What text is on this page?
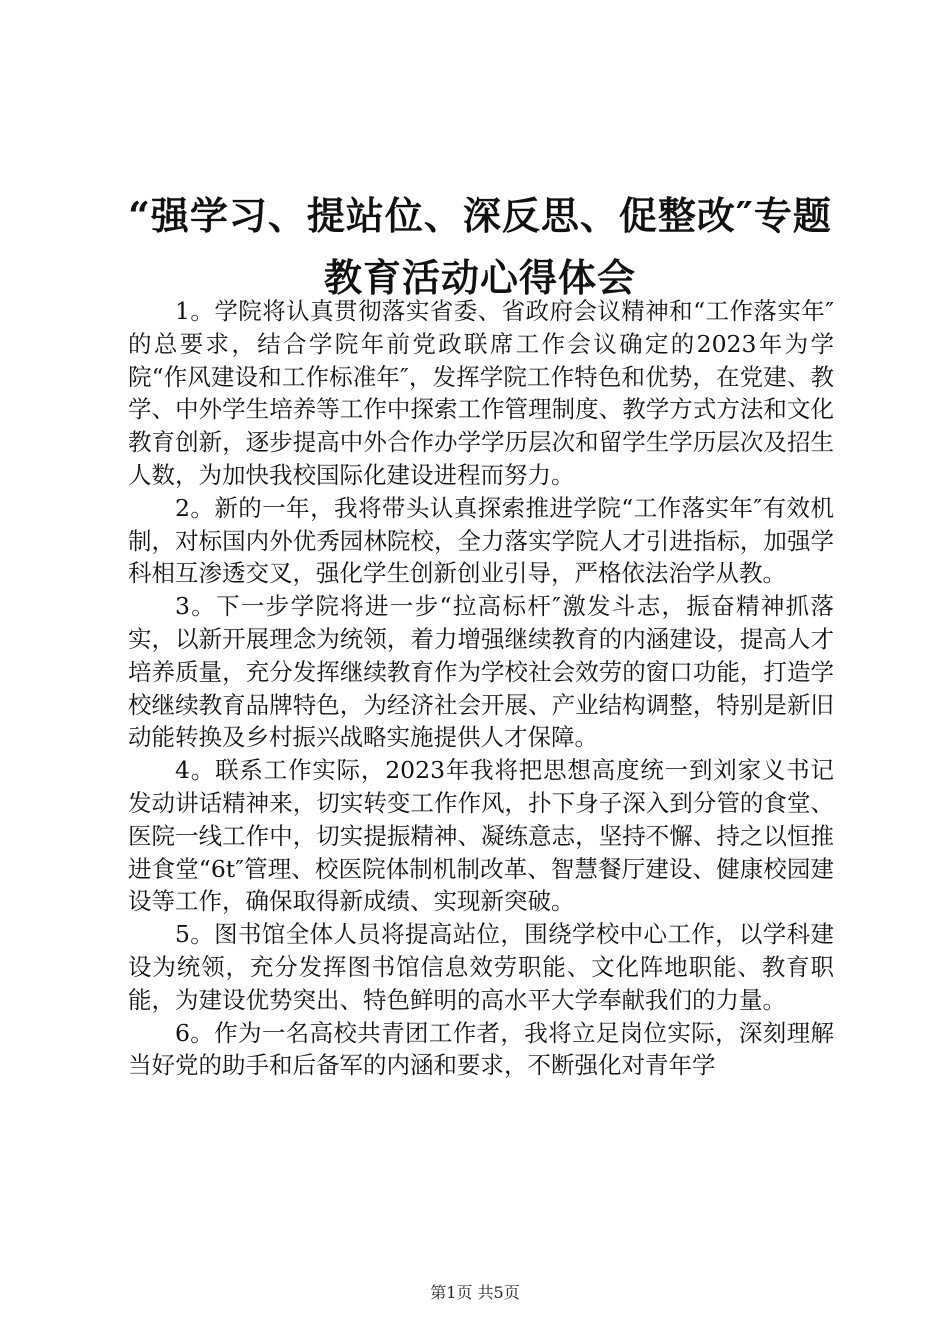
“强学习、提站位、深反思、促整改″专题教育活动心得体会

1。学院将认真贯彻落实省委、省政府会议精神和“工作落实年″的总要求，结合学院年前党政联席工作会议确定的2023年为学院“作风建设和工作标准年″，发挥学院工作特色和优势，在党建、教学、中外学生培养等工作中探索工作管理制度、教学方式方法和文化教育创新，逐步提高中外合作办学学历层次和留学生学历层次及招生人数，为加快我校国际化建设进程而努力。

2。新的一年，我将带头认真探索推进学院“工作落实年″有效机制，对标国内外优秀园林院校，全力落实学院人才引进指标，加强学科相互渗透交叉，强化学生创新创业引导，严格依法治学从教。

3。下一步学院将进一步“拉高标杆″激发斗志，振奋精神抓落实，以新开展理念为统领，着力增强继续教育的内涵建设，提高人才培养质量，充分发挥继续教育作为学校社会效劳的窗口功能，打造学校继续教育品牌特色，为经济社会开展、产业结构调整，特别是新旧动能转换及乡村振兴战略实施提供人才保障。

4。联系工作实际，2023年我将把思想高度统一到刘家义书记发动讲话精神来，切实转变工作作风，扑下身子深入到分管的食堂、医院一线工作中，切实提振精神、凝练意志，坚持不懈、持之以恒推进食堂“6t″管理、校医院体制机制改革、智慧餐厅建设、健康校园建设等工作，确保取得新成绩、实现新突破。

5。图书馆全体人员将提高站位，围绕学校中心工作，以学科建设为统领，充分发挥图书馆信息效劳职能、文化阵地职能、教育职能，为建设优势突出、特色鲜明的高水平大学奉献我们的力量。

6。作为一名高校共青团工作者，我将立足岗位实际，深刻理解当好党的助手和后备军的内涵和要求，不断强化对青年学

第1页 共5页
